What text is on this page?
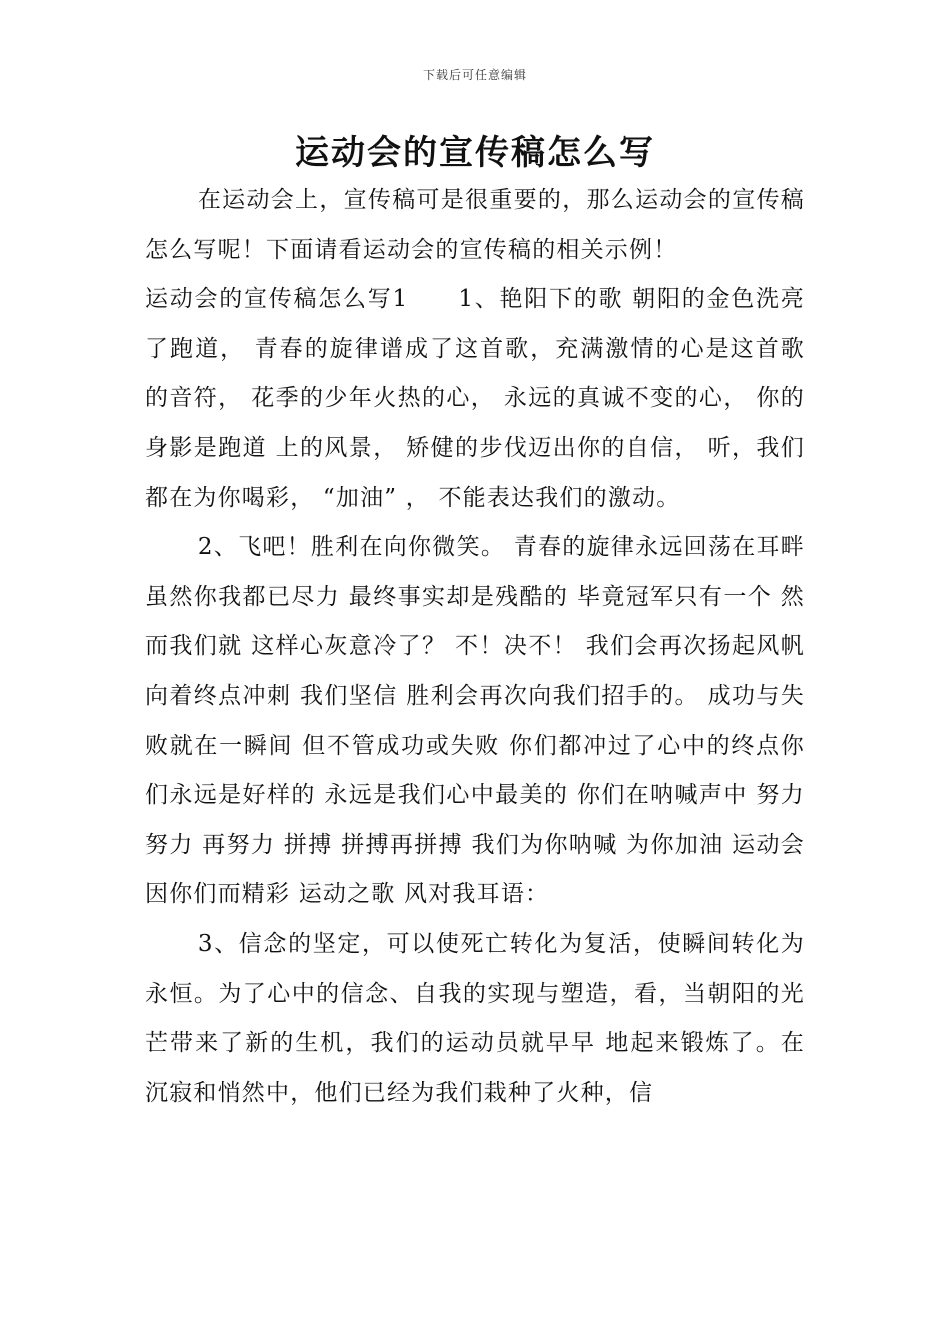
下载后可任意编辑
运动会的宣传稿怎么写

在运动会上，宣传稿可是很重要的，那么运动会的宣传稿怎么写呢！下面请看运动会的宣传稿的相关示例！

运动会的宣传稿怎么写1　　1、艳阳下的歌 朝阳的金色洗亮了跑道， 青春的旋律谱成了这首歌，充满激情的心是这首歌的音符， 花季的少年火热的心， 永远的真诚不变的心， 你的身影是跑道 上的风景， 矫健的步伐迈出你的自信， 听，我们都在为你喝彩， “加油” ， 不能表达我们的激动。

2、飞吧！胜利在向你微笑。 青春的旋律永远回荡在耳畔 虽然你我都已尽力 最终事实却是残酷的 毕竟冠军只有一个 然而我们就 这样心灰意冷了？ 不！决不！ 我们会再次扬起风帆向着终点冲刺 我们坚信 胜利会再次向我们招手的。 成功与失败就在一瞬间 但不管成功或失败 你们都冲过了心中的终点你 们永远是好样的 永远是我们心中最美的 你们在呐喊声中 努力 努力 再努力 拼搏 拼搏再拼搏 我们为你呐喊 为你加油 运动会因你们而精彩 运动之歌 风对我耳语：

3、信念的坚定，可以使死亡转化为复活，使瞬间转化为永恒。为了心中的信念、自我的实现与塑造，看，当朝阳的光芒带来了新的生机，我们的运动员就早早 地起来锻炼了。在沉寂和悄然中，他们已经为我们栽种了火种，信
